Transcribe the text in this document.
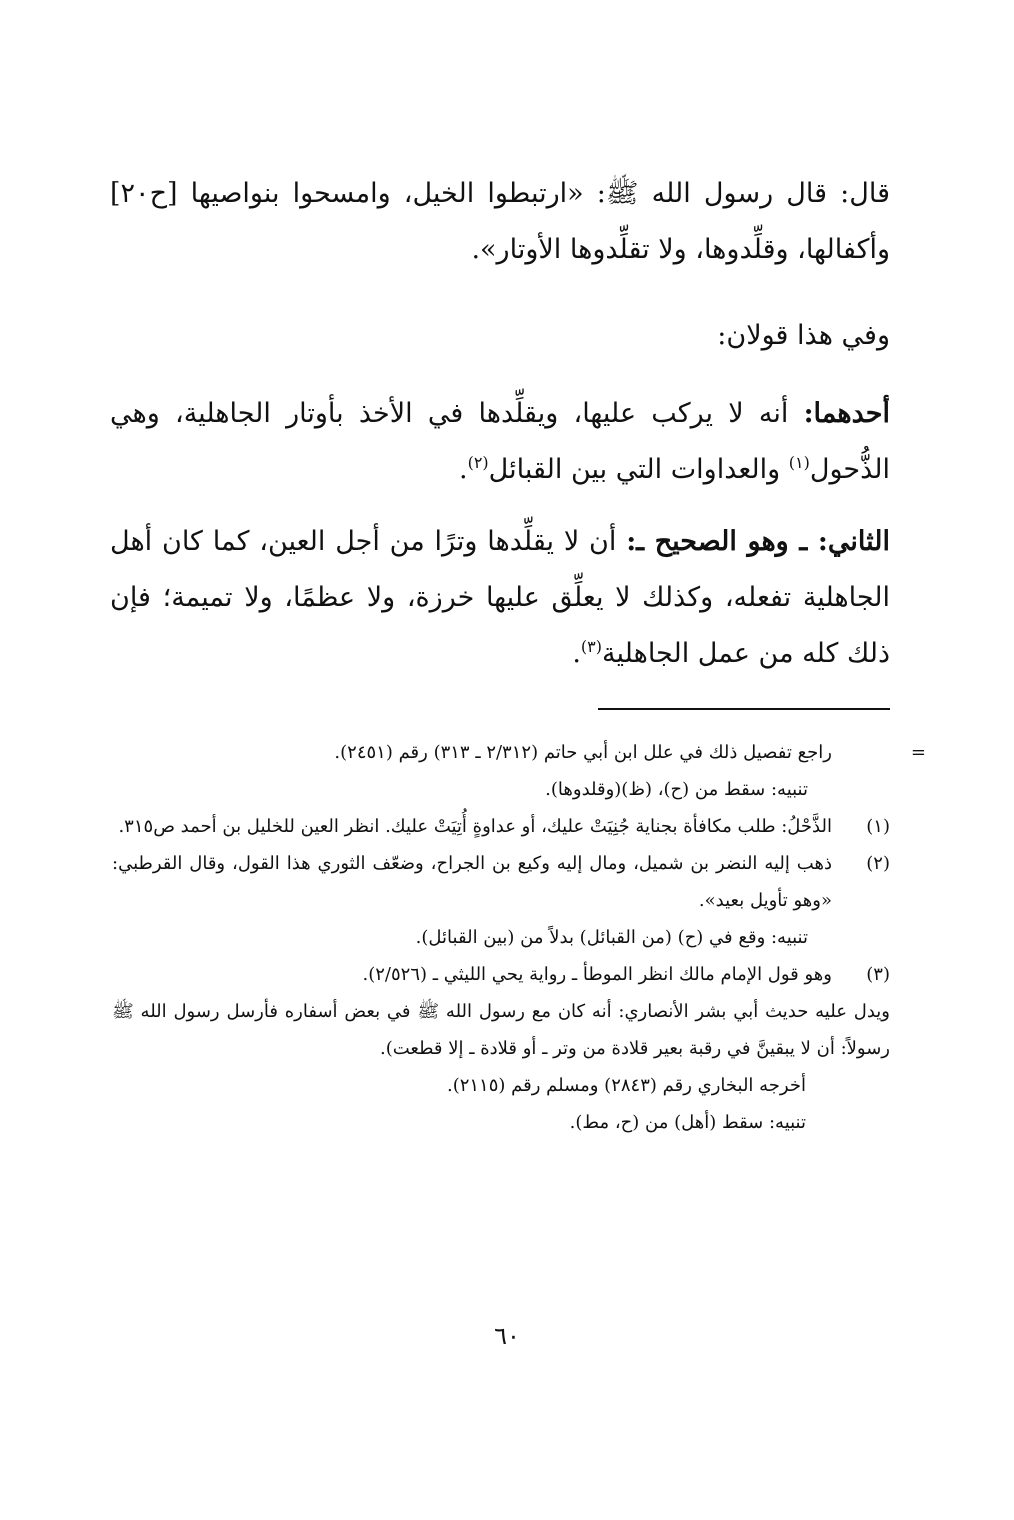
قال: قال رسول الله ﷺ: «ارتبطوا الخيل، وامسحوا بنواصيها [ح٢٠] وأكفالها، وقلِّدوها، ولا تقلِّدوها الأوتار».

وفي هذا قولان:

أحدهما: أنه لا يركب عليها، ويقلِّدها في الأخذ بأوتار الجاهلية، وهي الذُّحول$^{(١)}$ والعداوات التي بين القبائل$^{(٢)}$.

الثاني: ـ وهو الصحيح ـ: أن لا يقلِّدها وترًا من أجل العين، كما كان أهل الجاهلية تفعله، وكذلك لا يعلِّق عليها خرزة، ولا عظمًا، ولا تميمة؛ فإن ذلك كله من عمل الجاهلية$^{(٣)}$.

=
راجع تفصيل ذلك في علل ابن أبي حاتم (٢/٣١٢ ـ ٣١٣) رقم (٢٤٥١).
تنبيه: سقط من (ح)، (ظ)(وقلدوها).
(١)
الذَّحْلُ: طلب مكافأة بجناية جُنِيَتْ عليك، أو عداوةٍ أُتِيَتْ عليك. انظر العين للخليل بن أحمد ص٣١٥.
(٢)
ذهب إليه النضر بن شميل، ومال إليه وكيع بن الجراح، وضعّف الثوري هذا القول، وقال القرطبي: «وهو تأويل بعيد».
تنبيه: وقع في (ح) (من القبائل) بدلاً من (بين القبائل).
(٣)
وهو قول الإمام مالك انظر الموطأ ـ رواية يحي الليثي ـ (٢/٥٢٦).
ويدل عليه حديث أبي بشر الأنصاري: أنه كان مع رسول الله ﷺ في بعض أسفاره فأرسل رسول الله ﷺ رسولاً: أن لا يبقينَّ في رقبة بعير قلادة من وتر ـ أو قلادة ـ إلا قطعت).
أخرجه البخاري رقم (٢٨٤٣) ومسلم رقم (٢١١٥).
تنبيه: سقط (أهل) من (ح، مط).
٦٠
